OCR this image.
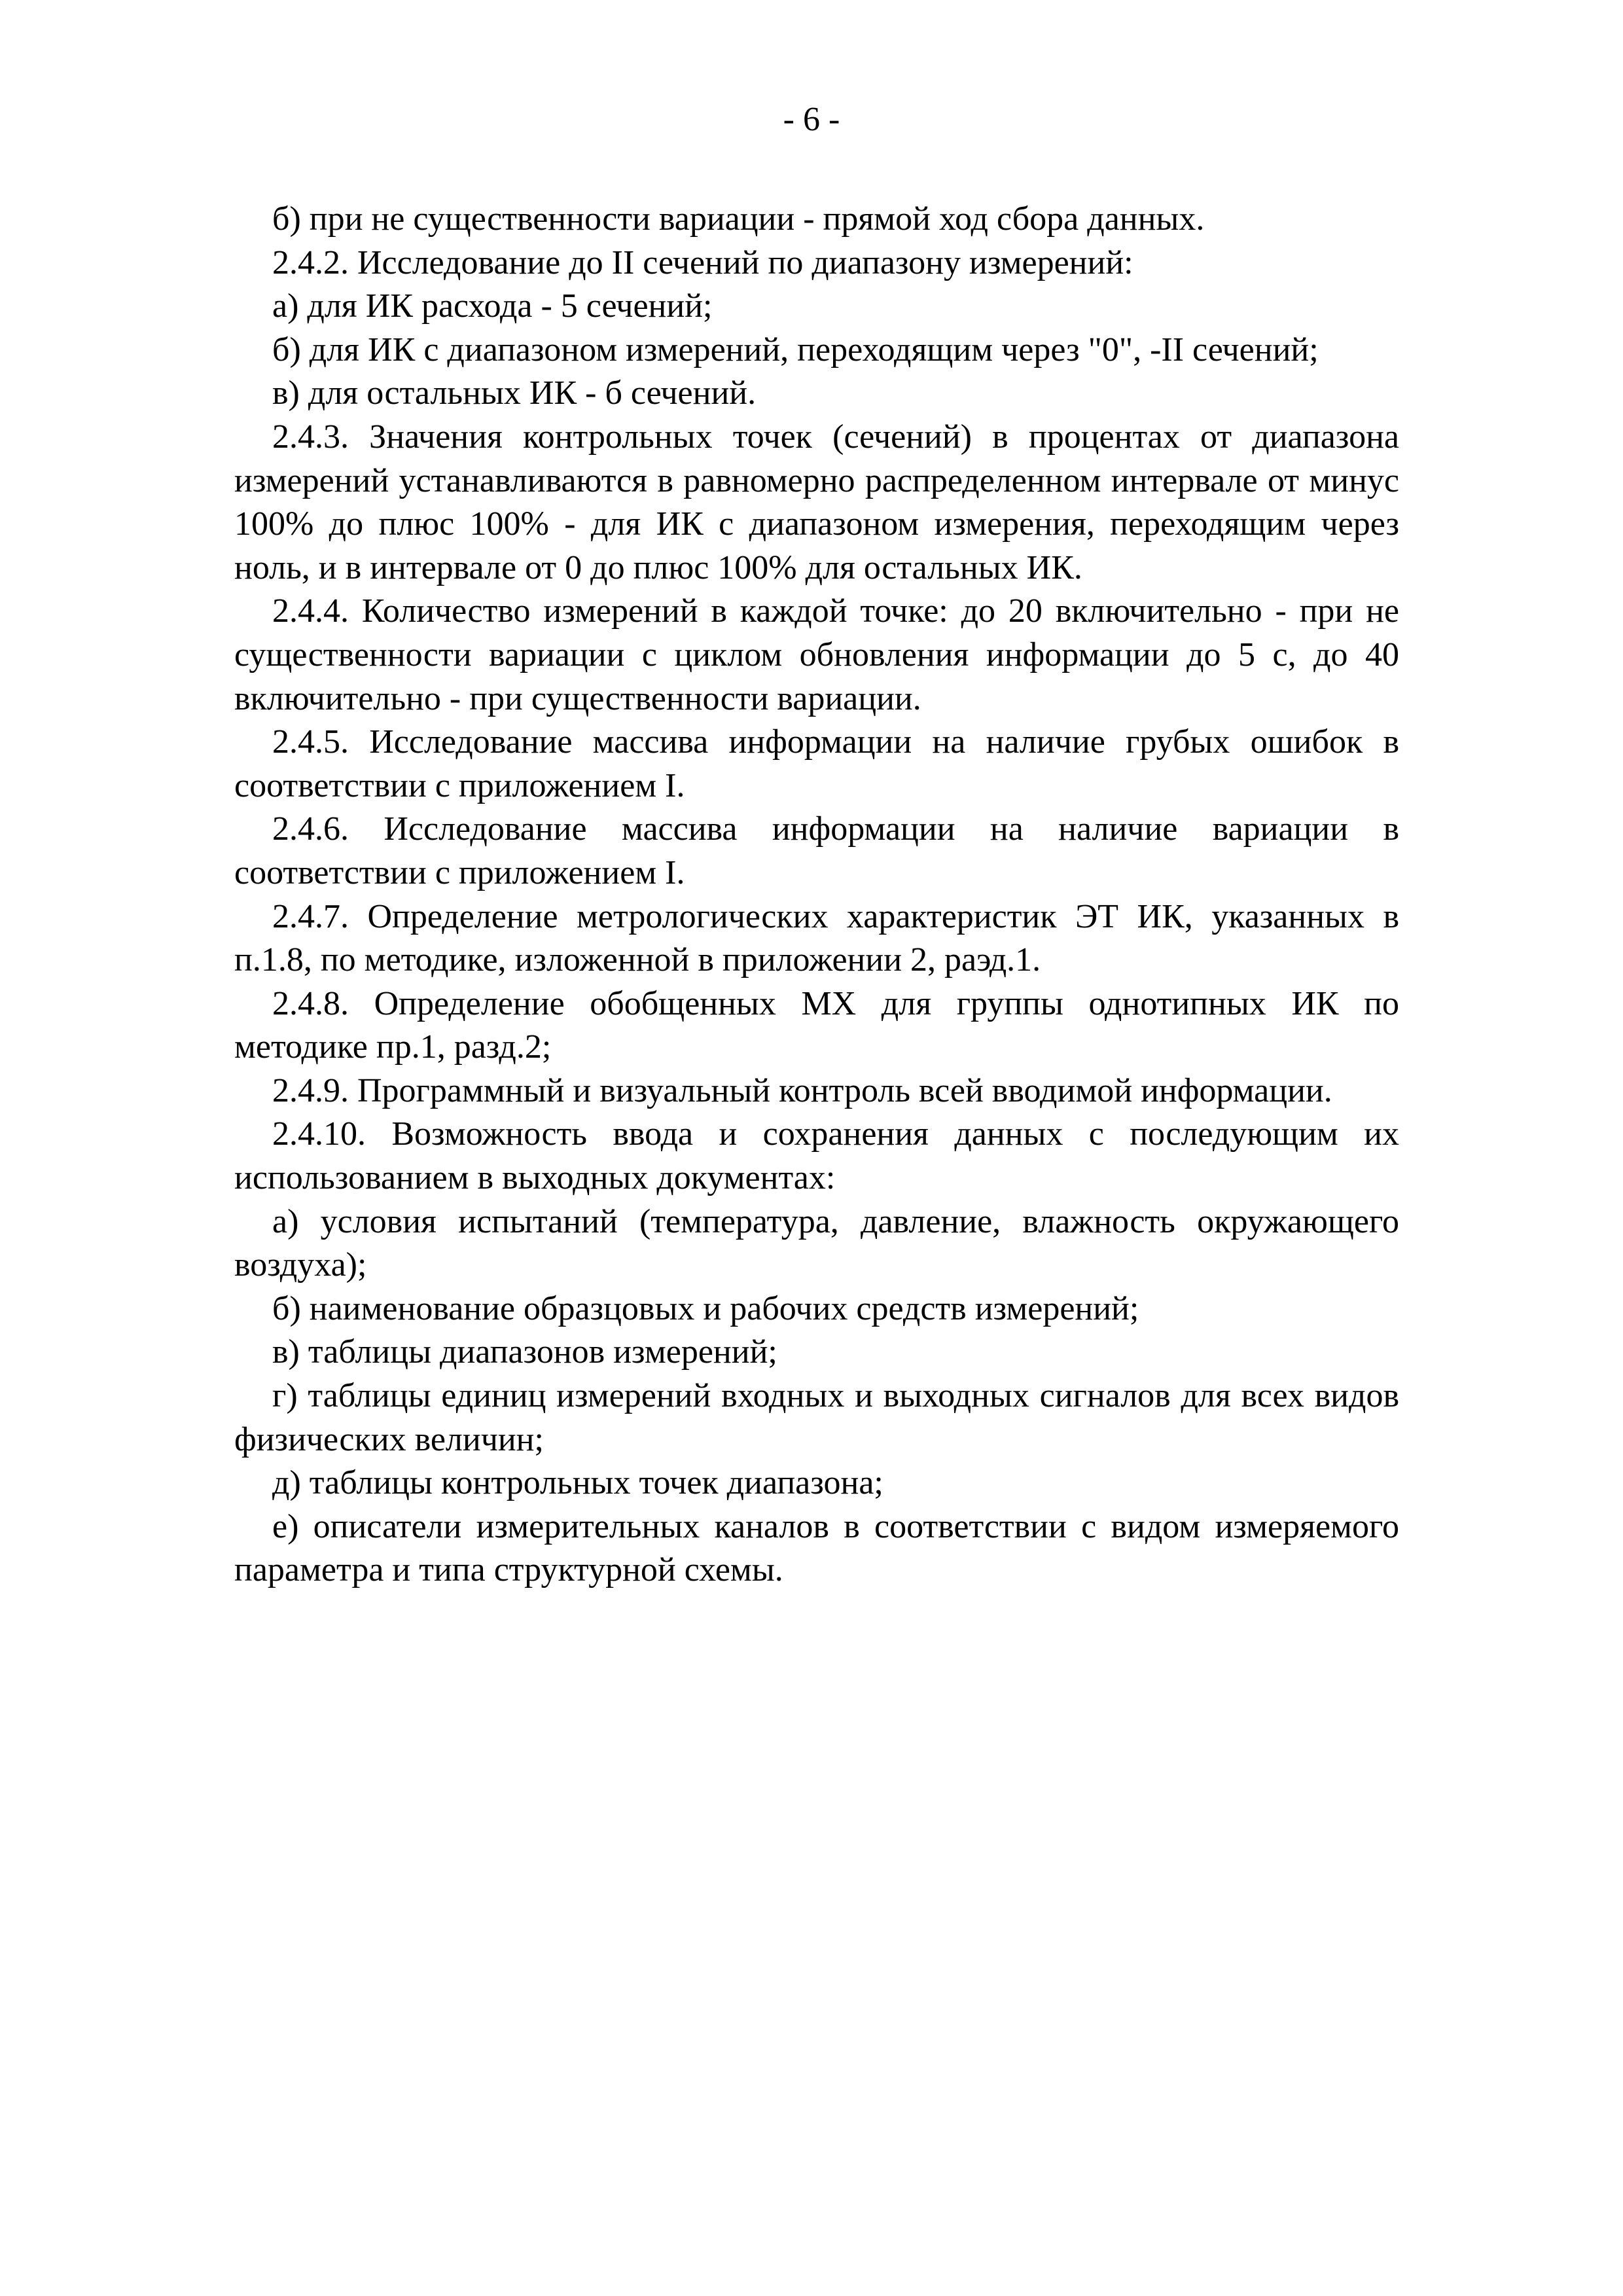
- 6 -

б) при не существенности вариации - прямой ход сбора данных.

2.4.2. Исследование до II сечений по диапазону измерений:

а) для ИК расхода - 5 сечений;

б) для ИК с диапазоном измерений, переходящим через "0", -II сечений;

в) для остальных ИК - б сечений.

2.4.3. Значения контрольных точек (сечений) в процентах от диапазона измерений устанавливаются в равномерно распределенном интервале от минус 100% до плюс 100% - для ИК с диапазоном измерения, переходящим через ноль, и в интервале от 0 до плюс 100% для остальных ИК.

2.4.4. Количество измерений в каждой точке: до 20 включительно - при не существенности вариации с циклом обновления информации до 5 с, до 40 включительно - при существенности вариации.

2.4.5. Исследование массива информации на наличие грубых ошибок в соответствии с приложением I.

2.4.6. Исследование массива информации на наличие вариации в соответствии с приложением I.

2.4.7. Определение метрологических характеристик ЭТ ИК, указанных в п.1.8, по методике, изложенной в приложении 2, раэд.1.

2.4.8. Определение обобщенных МХ для группы однотипных ИК по методике пр.1, разд.2;

2.4.9. Программный и визуальный контроль всей вводимой информации.

2.4.10. Возможность ввода и сохранения данных с последующим их использованием в выходных документах:

а) условия испытаний (температура, давление, влажность окружающего воздуха);

б) наименование образцовых и рабочих средств измерений;

в) таблицы диапазонов измерений;

г) таблицы единиц измерений входных и выходных сигналов для всех видов физических величин;

д) таблицы контрольных точек диапазона;

е) описатели измерительных каналов в соответствии с видом измеряемого параметра и типа структурной схемы.
